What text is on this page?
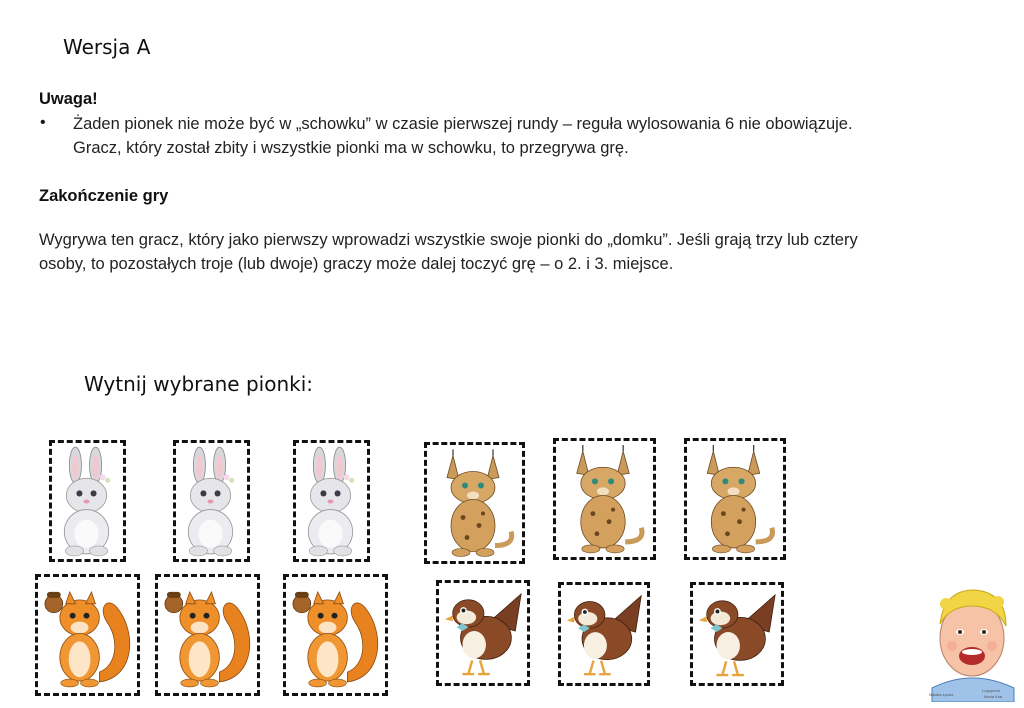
Wersja A
Uwaga!
• Żaden pionek nie może być w „schowku” w czasie pierwszej rundy – reguła wylosowania 6 nie obowiązuje.
Gracz, który został zbity i wszystkie pionki ma w schowku, to przegrywa grę.
Zakończenie gry
Wygrywa ten gracz, który jako pierwszy wprowadzi wszystkie swoje pionki do „domku”. Jeśli grają trzy lub cztery
osoby, to pozostałych troje (lub dwoje) graczy może dalej toczyć grę – o 2. i 3. miejsce.
Wytnij wybrane pionki:
Natalia Łęcka
Logopeda
Maria Kral
